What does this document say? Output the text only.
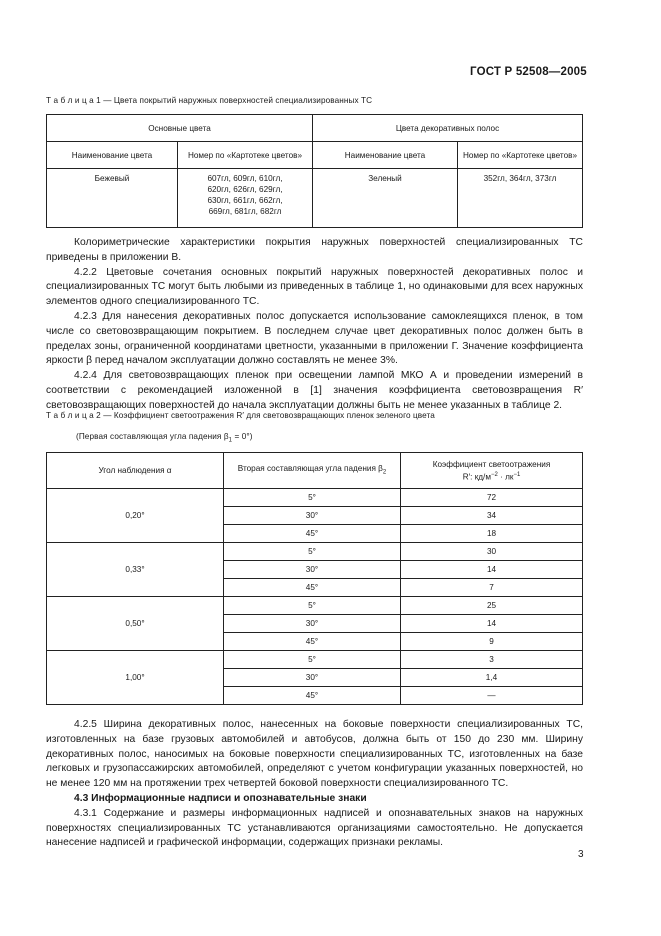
ГОСТ Р 52508—2005
Т а б л и ц а 1 — Цвета покрытий наружных поверхностей специализированных ТС
Основные цвета		Цвета декоративных полос	
Наименование цвета	Номер по «Картотеке цветов»	Наименование цвета	Номер по «Картотеке цветов»
Бежевый	607гл, 609гл, 610гл,
620гл, 626гл, 629гл,
630гл, 661гл, 662гл,
669гл, 681гл, 682гл	Зеленый	352гл, 364гл, 373гл

Колориметрические характеристики покрытия наружных поверхностей специализированных ТС приведены в приложении В.

4.2.2 Цветовые сочетания основных покрытий наружных поверхностей декоративных полос и специализированных ТС могут быть любыми из приведенных в таблице 1, но одинаковыми для всех наружных элементов одного специализированного ТС.

4.2.3 Для нанесения декоративных полос допускается использование самоклеящихся пленок, в том числе со световозвращающим покрытием. В последнем случае цвет декоративных полос должен быть в пределах зоны, ограниченной координатами цветности, указанными в приложении Г. Значение коэффициента яркости β перед началом эксплуатации должно составлять не менее 3%.

4.2.4 Для световозвращающих пленок при освещении лампой МКО А и проведении измерений в соответствии с рекомендацией изложенной в [1] значения коэффициента световозвращения R′ световозвращающих поверхностей до начала эксплуатации должны быть не менее указанных в таблице 2.

Т а б л и ц а 2 — Коэффициент светоотражения R′ для световозвращающих пленок зеленого цвета
(Первая составляющая угла падения $\beta_1 = 0^\circ$)
Угол наблюдения α	Вторая составляющая угла падения $\beta_2$	Коэффициент светоотражения
R′: $кд/м^{-2} \cdot лк^{-1}$

0,20°	5°	72
	30°	34
	45°	18
0,33°	5°	30
	30°	14
	45°	7
0,50°	5°	25
	30°	14
	45°	9
1,00°	5°	3
	30°	1,4
	45°	—

4.2.5 Ширина декоративных полос, нанесенных на боковые поверхности специализированных ТС, изготовленных на базе грузовых автомобилей и автобусов, должна быть от 150 до 230 мм. Ширину декоративных полос, наносимых на боковые поверхности специализированных ТС, изготовленных на базе легковых и грузопассажирских автомобилей, определяют с учетом конфигурации указанных поверхностей, но не менее 120 мм на протяжении трех четвертей боковой поверхности специализированного ТС.

4.3 Информационные надписи и опознавательные знаки

4.3.1 Содержание и размеры информационных надписей и опознавательных знаков на наружных поверхностях специализированных ТС устанавливаются организациями самостоятельно. Не допускается нанесение надписей и графической информации, содержащих признаки рекламы.

3
